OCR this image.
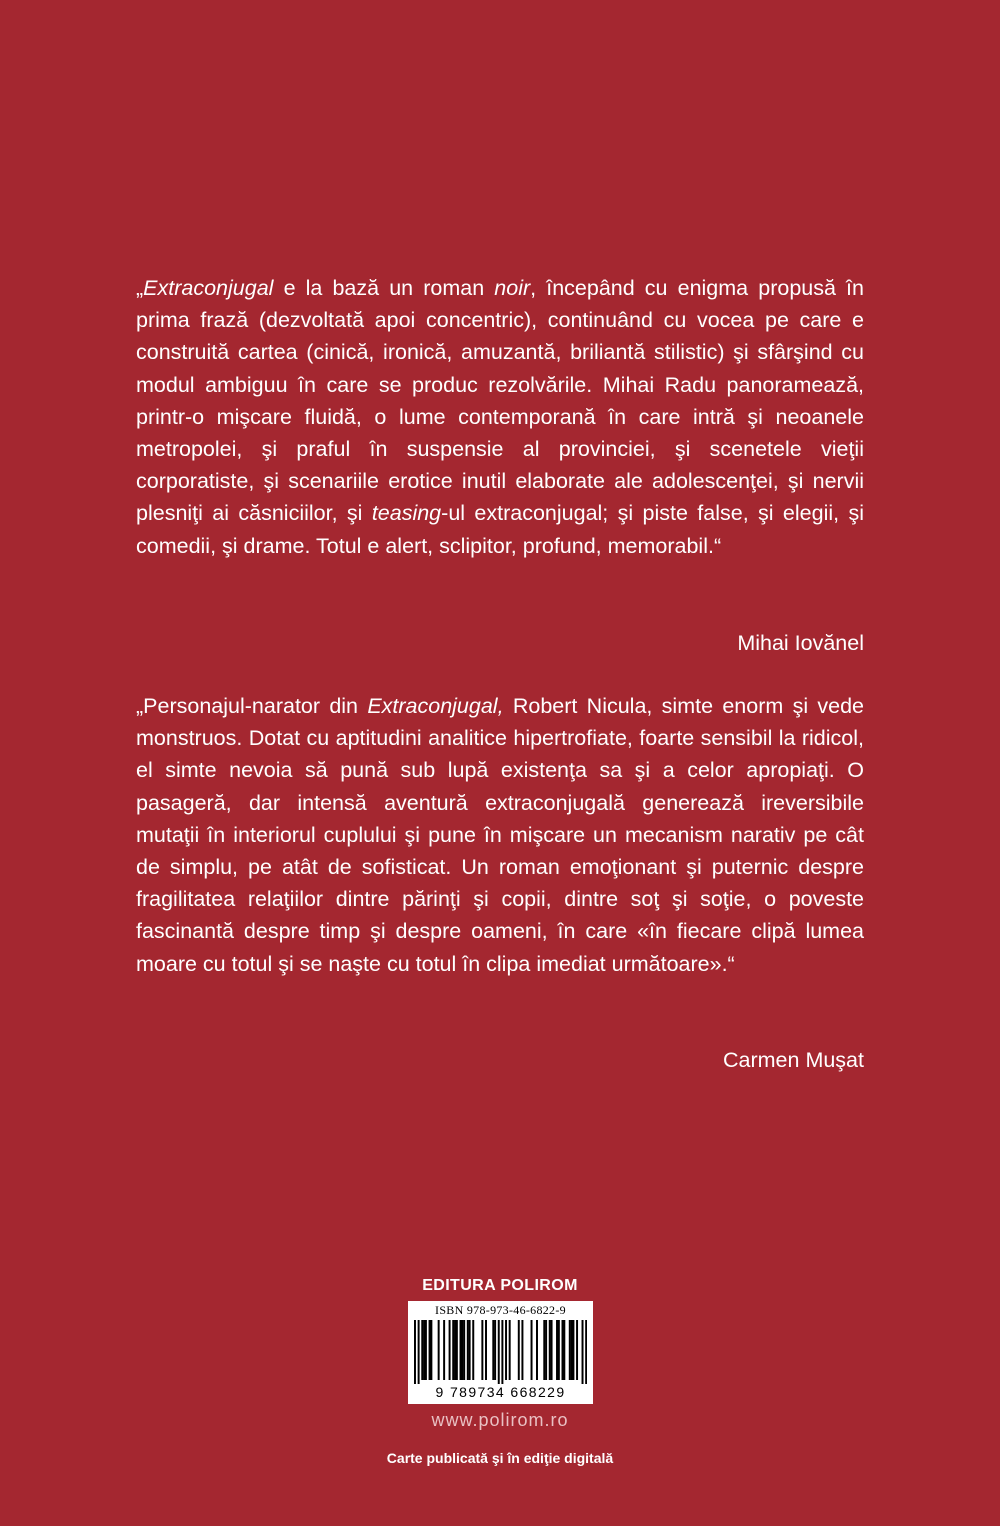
„Extraconjugal e la bază un roman noir, începând cu enigma propusă în prima frază (dezvoltată apoi concentric), continuând cu vocea pe care e construită cartea (cinică, ironică, amuzantă, briliantă stilistic) şi sfârşind cu modul ambiguu în care se produc rezolvările. Mihai Radu panoramează, printr-o mişcare fluidă, o lume contemporană în care intră şi neoanele metropolei, şi praful în suspensie al provinciei, şi scenetele vieţii corporatiste, şi scenariile erotice inutil elaborate ale adolescenţei, şi nervii plesniţi ai căsniciilor, şi teasing-ul extraconjugal; şi piste false, şi elegii, şi comedii, şi drame. Totul e alert, sclipitor, profund, memorabil.“

Mihai Iovănel

„Personajul-narator din Extraconjugal, Robert Nicula, simte enorm şi vede monstruos. Dotat cu aptitudini analitice hipertrofiate, foarte sensibil la ridicol, el simte nevoia să pună sub lupă existenţa sa şi a celor apropiaţi. O pasageră, dar intensă aventură extraconjugală generează ireversibile mutaţii în interiorul cuplului şi pune în mişcare un mecanism narativ pe cât de simplu, pe atât de sofisticat. Un roman emoţionant şi puternic despre fragilitatea relaţiilor dintre părinţi şi copii, dintre soţ şi soţie, o poveste fascinantă despre timp şi despre oameni, în care «în fiecare clipă lumea moare cu totul şi se naşte cu totul în clipa imediat următoare».“

Carmen Muşat
EDITURA POLIROM
ISBN 978-973-46-6822-9
9 789734 668229
www.polirom.ro
Carte publicată şi în ediţie digitală
